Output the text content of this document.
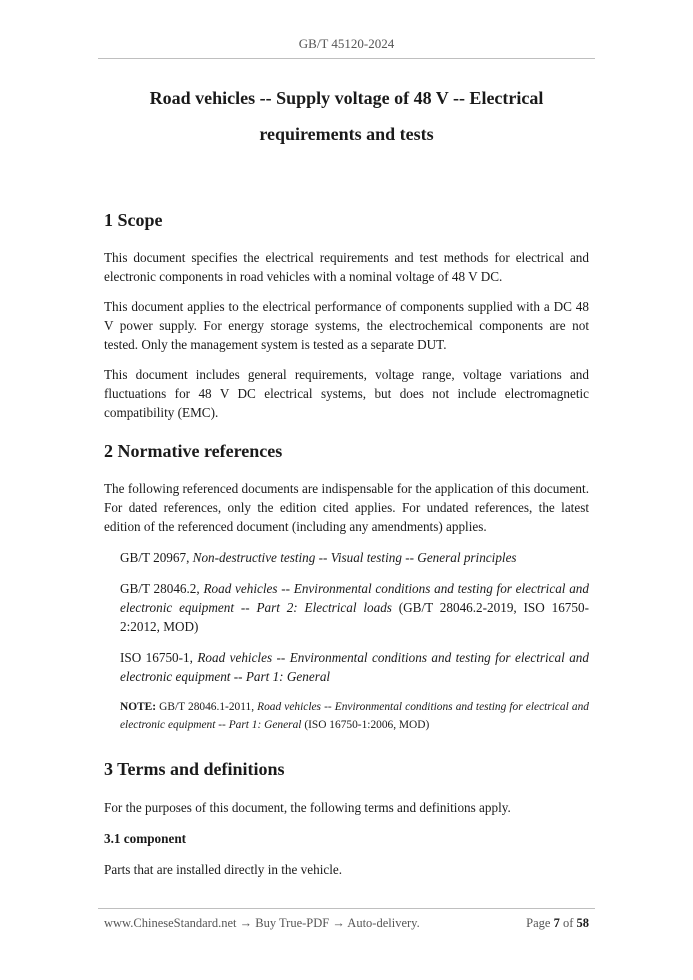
GB/T 45120-2024
Road vehicles -- Supply voltage of 48 V -- Electrical
requirements and tests
1 Scope

This document specifies the electrical requirements and test methods for electrical and electronic components in road vehicles with a nominal voltage of 48 V DC.

This document applies to the electrical performance of components supplied with a DC 48 V power supply. For energy storage systems, the electrochemical components are not tested. Only the management system is tested as a separate DUT.

This document includes general requirements, voltage range, voltage variations and fluctuations for 48 V DC electrical systems, but does not include electromagnetic compatibility (EMC).

2 Normative references

The following referenced documents are indispensable for the application of this document. For dated references, only the edition cited applies. For undated references, the latest edition of the referenced document (including any amendments) applies.

GB/T 20967, Non-destructive testing -- Visual testing -- General principles

GB/T 28046.2, Road vehicles -- Environmental conditions and testing for electrical and electronic equipment -- Part 2: Electrical loads (GB/T 28046.2-2019, ISO 16750-2:2012, MOD)

ISO 16750-1, Road vehicles -- Environmental conditions and testing for electrical and electronic equipment -- Part 1: General

NOTE: GB/T 28046.1-2011, Road vehicles -- Environmental conditions and testing for electrical and electronic equipment -- Part 1: General (ISO 16750-1:2006, MOD)

3 Terms and definitions

For the purposes of this document, the following terms and definitions apply.

3.1 component

Parts that are installed directly in the vehicle.

www.ChineseStandard.net → Buy True-PDF → Auto-delivery.	Page 7 of 58
